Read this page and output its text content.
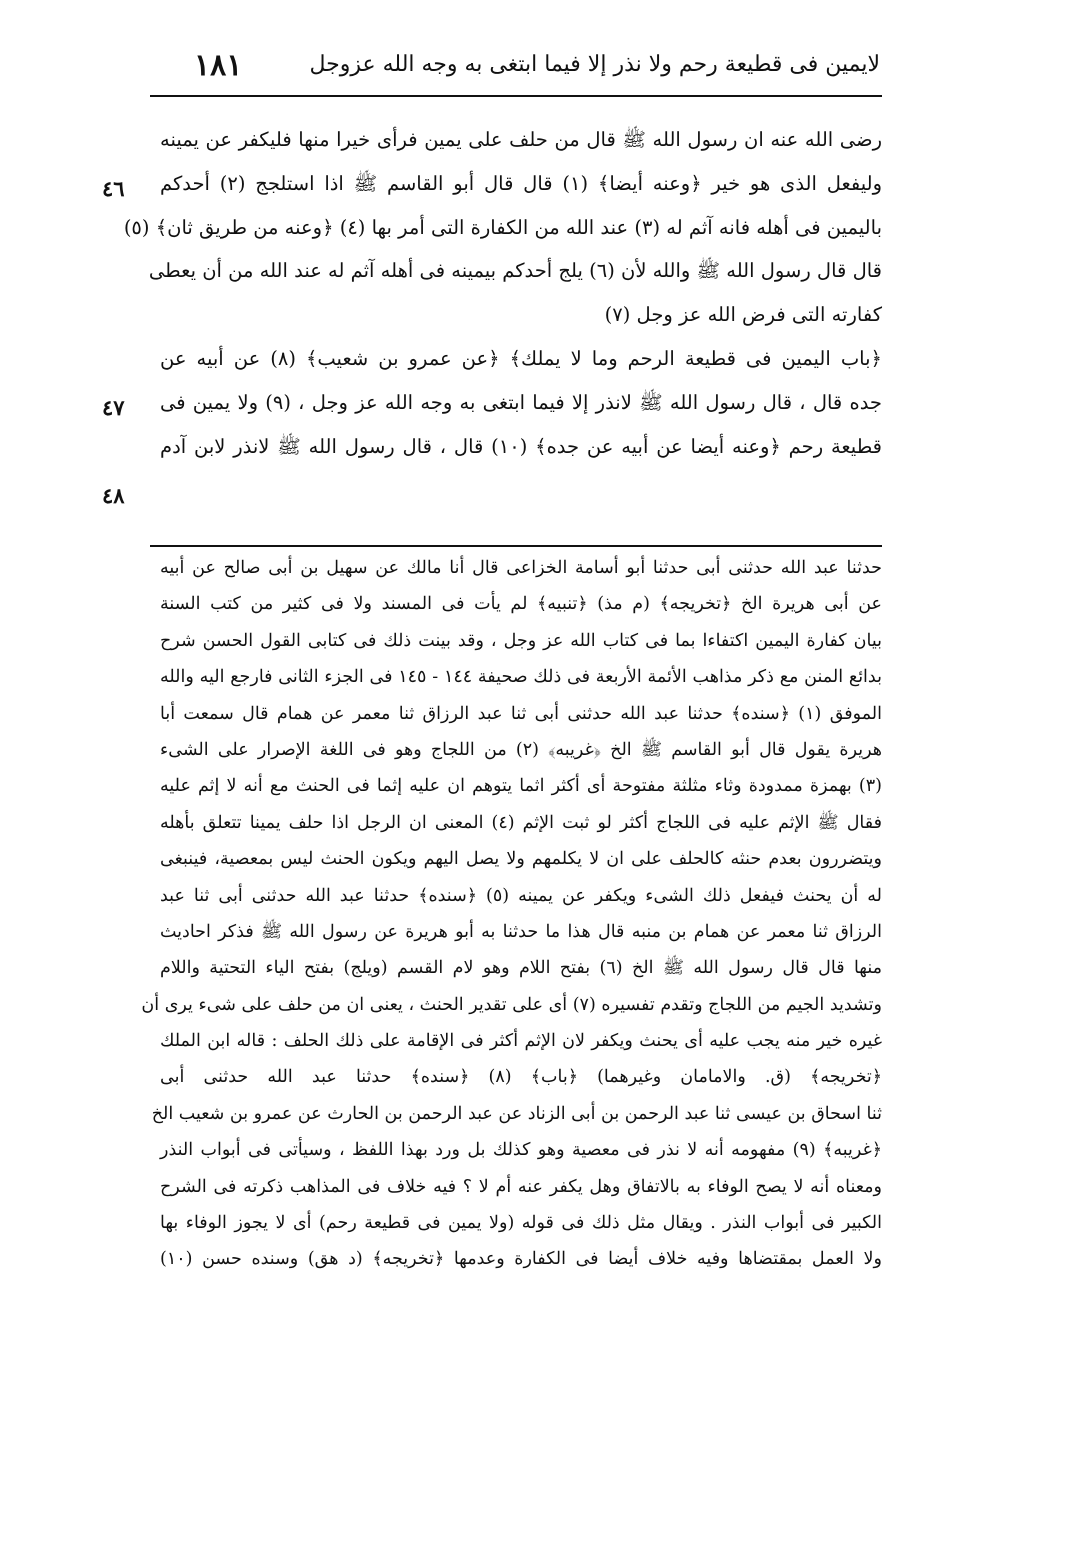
لايمين فى قطيعة رحم ولا نذر إلا فيما ابتغى به وجه الله عزوجل
١٨١
٤٦
٤٧
٤٨
رضى الله عنه ان رسول الله ﷺ قال من حلف على يمين فرأى خيرا منها فليكفر عن يمينه
وليفعل الذى هو خير ﴿وعنه أيضا﴾ (١) قال قال أبو القاسم ﷺ اذا استلجج (٢) أحدكم
باليمين فى أهله فانه آثم له (٣) عند الله من الكفارة التى أمر بها (٤) ﴿وعنه من طريق ثان﴾ (٥)
قال قال رسول الله ﷺ والله لأن (٦) يلج أحدكم بيمينه فى أهله آثم له عند الله من أن يعطى
كفارته التى فرض الله عز وجل (٧)
﴿باب اليمين فى قطيعة الرحم وما لا يملك﴾ ﴿عن عمرو بن شعيب﴾ (٨) عن أبيه عن
جده قال ، قال رسول الله ﷺ لانذر إلا فيما ابتغى به وجه الله عز وجل ، (٩) ولا يمين فى
قطيعة رحم ﴿وعنه أيضا عن أبيه عن جده﴾ (١٠) قال ، قال رسول الله ﷺ لانذر لابن آدم
حدثنا عبد الله حدثنى أبى حدثنا أبو أسامة الخزاعى قال أنا مالك عن سهيل بن أبى صالح عن أبيه
عن أبى هريرة الخ ﴿تخريجه﴾ (م مذ) ﴿تنبيه﴾ لم يأت فى المسند ولا فى كثير من كتب السنة
بيان كفارة اليمين اكتفاءا بما فى كتاب الله عز وجل ، وقد بينت ذلك فى كتابى القول الحسن شرح
بدائع المنن مع ذكر مذاهب الأئمة الأربعة فى ذلك صحيفة ١٤٤ - ١٤٥ فى الجزء الثانى فارجع اليه والله
الموفق (١) ﴿سنده﴾ حدثنا عبد الله حدثنى أبى ثنا عبد الرزاق ثنا معمر عن همام قال سمعت أبا
هريرة يقول قال أبو القاسم ﷺ الخ ﴿غريبه﴾ (٢) من اللجاج وهو فى اللغة الإصرار على الشىء
(٣) بهمزة ممدودة وثاء مثلثة مفتوحة أى أكثر اثما يتوهم ان عليه إثما فى الحنث مع أنه لا إثم عليه
فقال ﷺ الإثم عليه فى اللجاج أكثر لو ثبت الإثم (٤) المعنى ان الرجل اذا حلف يمينا تتعلق بأهله
ويتضررون بعدم حنثه كالحلف على ان لا يكلمهم ولا يصل اليهم ويكون الحنث ليس بمعصية، فينبغى
له أن يحنث فيفعل ذلك الشىء ويكفر عن يمينه (٥) ﴿سنده﴾ حدثنا عبد الله حدثنى أبى ثنا عبد
الرزاق ثنا معمر عن همام بن منبه قال هذا ما حدثنا به أبو هريرة عن رسول الله ﷺ فذكر احاديث
منها قال قال رسول الله ﷺ الخ (٦) بفتح اللام وهو لام القسم (ويلج) بفتح الياء التحتية واللام
وتشديد الجيم من اللجاج وتقدم تفسيره (٧) أى على تقدير الحنث ، يعنى ان من حلف على شىء يرى أن
غيره خير منه يجب عليه أى يحنث ويكفر لان الإثم أكثر فى الإقامة على ذلك الحلف : قاله ابن الملك
﴿تخريجه﴾ (ق. والامامان وغيرهما) ﴿باب﴾ (٨) ﴿سنده﴾ حدثنا عبد الله حدثنى أبى
ثنا اسحاق بن عيسى ثنا عبد الرحمن بن أبى الزناد عن عبد الرحمن بن الحارث عن عمرو بن شعيب الخ
﴿غريبه﴾ (٩) مفهومه أنه لا نذر فى معصية وهو كذلك بل ورد بهذا اللفظ ، وسيأتى فى أبواب النذر
ومعناه أنه لا يصح الوفاء به بالاتفاق وهل يكفر عنه أم لا ؟ فيه خلاف فى المذاهب ذكرته فى الشرح
الكبير فى أبواب النذر . ويقال مثل ذلك فى قوله (ولا يمين فى قطيعة رحم) أى لا يجوز الوفاء بها
ولا العمل بمقتضاها وفيه خلاف أيضا فى الكفارة وعدمها ﴿تخريجه﴾ (د هق) وسنده حسن (١٠)
